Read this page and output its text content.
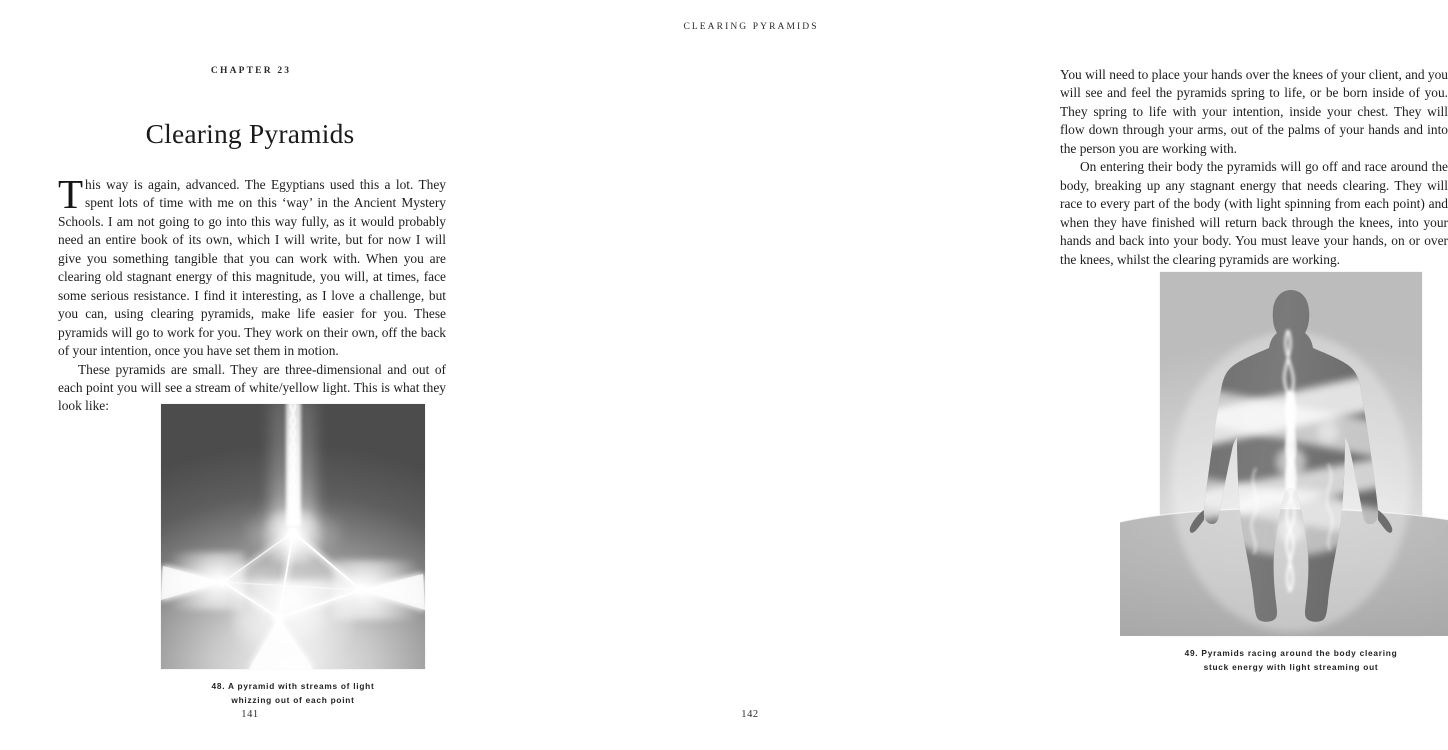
CHAPTER 23
Clearing Pyramids

This way is again, advanced. The Egyptians used this a lot. They spent lots of time with me on this ‘way’ in the Ancient Mystery Schools. I am not going to go into this way fully, as it would probably need an entire book of its own, which I will write, but for now I will give you something tangible that you can work with. When you are clearing old stagnant energy of this magnitude, you will, at times, face some serious resistance. I find it interesting, as I love a challenge, but you can, using clearing pyramids, make life easier for you. These pyramids will go to work for you. They work on their own, off the back of your intention, once you have set them in motion.

These pyramids are small. They are three-dimensional and out of each point you will see a stream of white/yellow light. This is what they look like:

48. A pyramid with streams of light
whizzing out of each point
141
CLEARING PYRAMIDS

You will need to place your hands over the knees of your client, and you will see and feel the pyramids spring to life, or be born inside of you. They spring to life with your intention, inside your chest. They will flow down through your arms, out of the palms of your hands and into the person you are working with.

On entering their body the pyramids will go off and race around the body, breaking up any stagnant energy that needs clearing. They will race to every part of the body (with light spinning from each point) and when they have finished will return back through the knees, into your hands and back into your body. You must leave your hands, on or over the knees, whilst the clearing pyramids are working.

49. Pyramids racing around the body clearing
stuck energy with light streaming out
142
